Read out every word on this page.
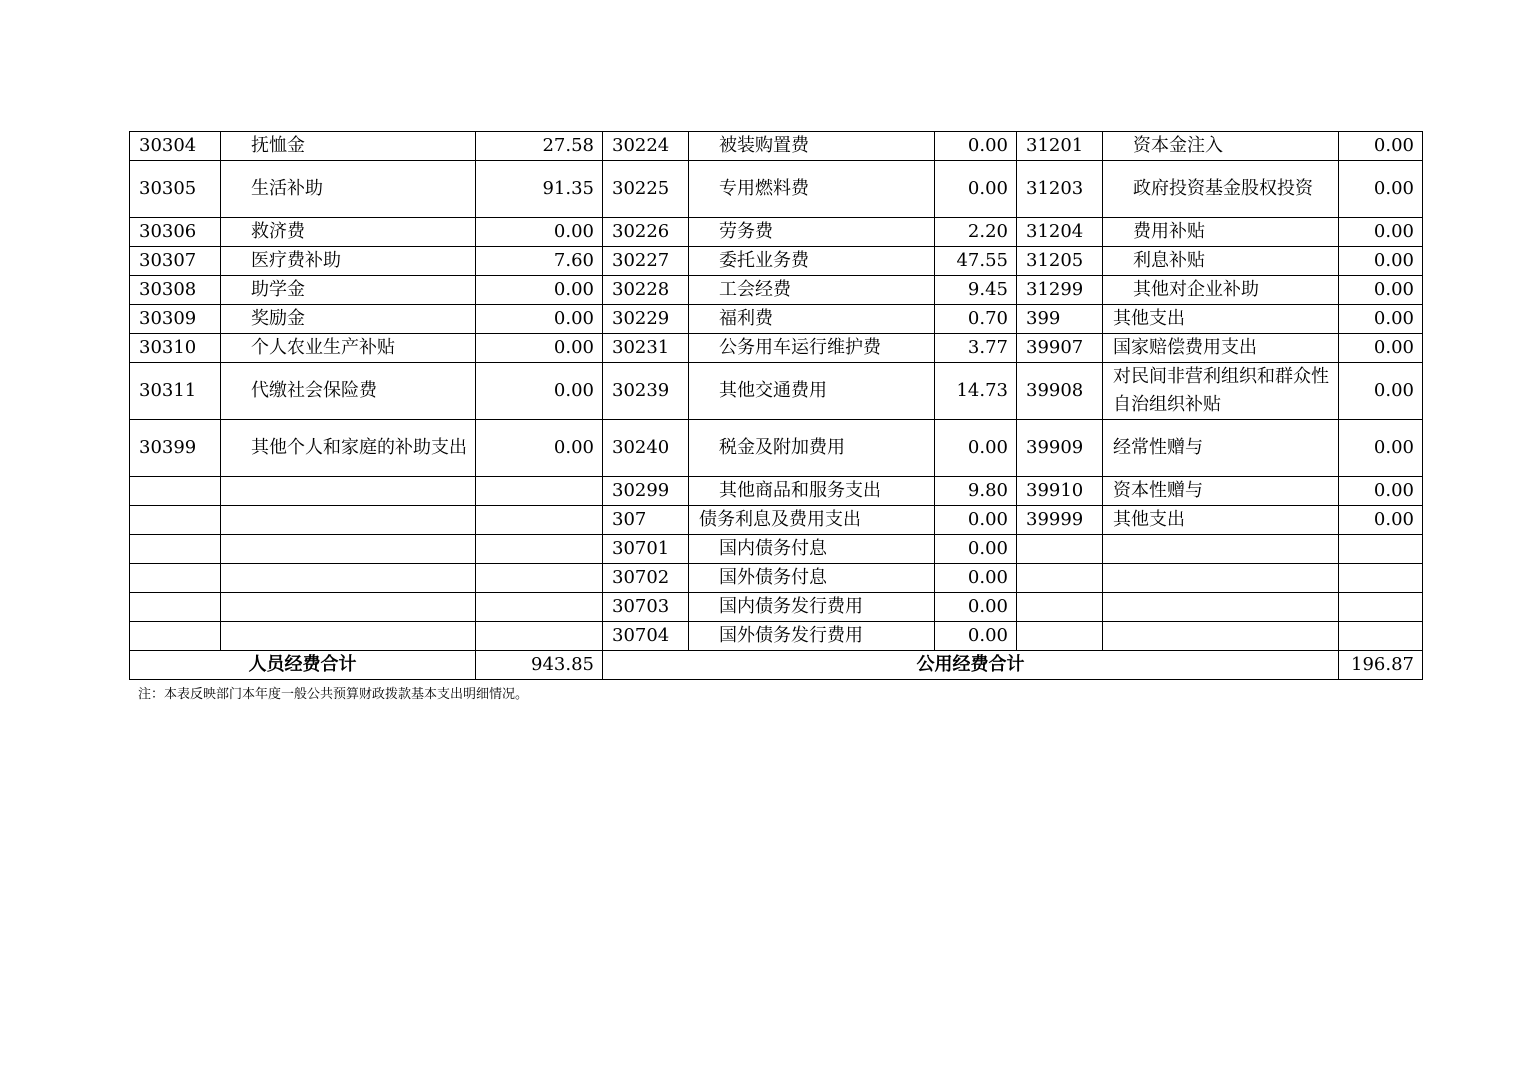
30304	抚恤金	27.58	30224	被装购置费	0.00	31201	资本金注入	0.00
30305	生活补助	91.35	30225	专用燃料费	0.00	31203	政府投资基金股权投资	0.00
30306	救济费	0.00	30226	劳务费	2.20	31204	费用补贴	0.00
30307	医疗费补助	7.60	30227	委托业务费	47.55	31205	利息补贴	0.00
30308	助学金	0.00	30228	工会经费	9.45	31299	其他对企业补助	0.00
30309	奖励金	0.00	30229	福利费	0.70	399	其他支出	0.00
30310	个人农业生产补贴	0.00	30231	公务用车运行维护费	3.77	39907	国家赔偿费用支出	0.00
30311	代缴社会保险费	0.00	30239	其他交通费用	14.73	39908	对民间非营利组织和群众性自治组织补贴	0.00
30399	其他个人和家庭的补助支出	0.00	30240	税金及附加费用	0.00	39909	经常性赠与	0.00
			30299	其他商品和服务支出	9.80	39910	资本性赠与	0.00
			307	债务利息及费用支出	0.00	39999	其他支出	0.00
			30701	国内债务付息	0.00			
			30702	国外债务付息	0.00			
			30703	国内债务发行费用	0.00			
			30704	国外债务发行费用	0.00			
人员经费合计		943.85	公用经费合计					196.87
注：本表反映部门本年度一般公共预算财政拨款基本支出明细情况。
